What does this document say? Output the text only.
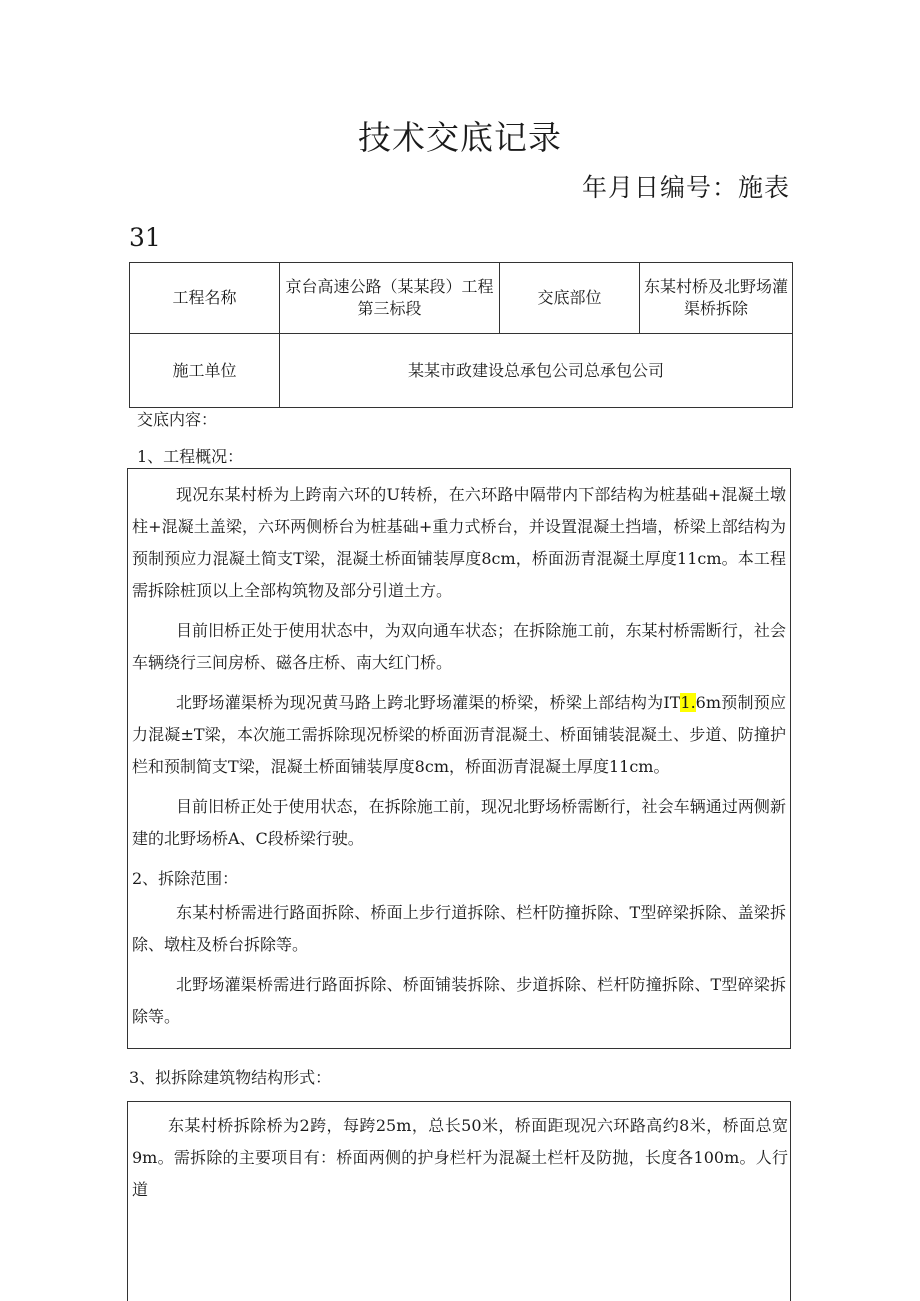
技术交底记录
年月日编号：施表
31
工程名称	京台高速公路（某某段）工程第三标段	交底部位	东某村桥及北野场灌渠桥拆除
施工单位	某某市政建设总承包公司总承包公司		
交底内容：
1、工程概况：

现况东某村桥为上跨南六环的U转桥，在六环路中隔带内下部结构为桩基础+混凝土墩柱+混凝土盖梁，六环两侧桥台为桩基础+重力式桥台，并设置混凝土挡墙，桥梁上部结构为预制预应力混凝土简支T梁，混凝土桥面铺装厚度8cm，桥面沥青混凝土厚度11cm。本工程需拆除桩顶以上全部构筑物及部分引道土方。

目前旧桥正处于使用状态中，为双向通车状态；在拆除施工前，东某村桥需断行，社会车辆绕行三间房桥、磁各庄桥、南大红门桥。

北野场灌渠桥为现况黄马路上跨北野场灌渠的桥梁，桥梁上部结构为IT1.6m预制预应力混凝±T梁，本次施工需拆除现况桥梁的桥面沥青混凝土、桥面铺装混凝土、步道、防撞护栏和预制简支T梁，混凝土桥面铺装厚度8cm，桥面沥青混凝土厚度11cm。

目前旧桥正处于使用状态，在拆除施工前，现况北野场桥需断行，社会车辆通过两侧新建的北野场桥A、C段桥梁行驶。

2、拆除范围：

东某村桥需进行路面拆除、桥面上步行道拆除、栏杆防撞拆除、T型碎梁拆除、盖梁拆除、墩柱及桥台拆除等。

北野场灌渠桥需进行路面拆除、桥面铺装拆除、步道拆除、栏杆防撞拆除、T型碎梁拆除等。

3、拟拆除建筑物结构形式：

东某村桥拆除桥为2跨，每跨25m，总长50米，桥面距现况六环路高约8米，桥面总宽9m。需拆除的主要项目有：桥面两侧的护身栏杆为混凝土栏杆及防抛，长度各100m。人行道
